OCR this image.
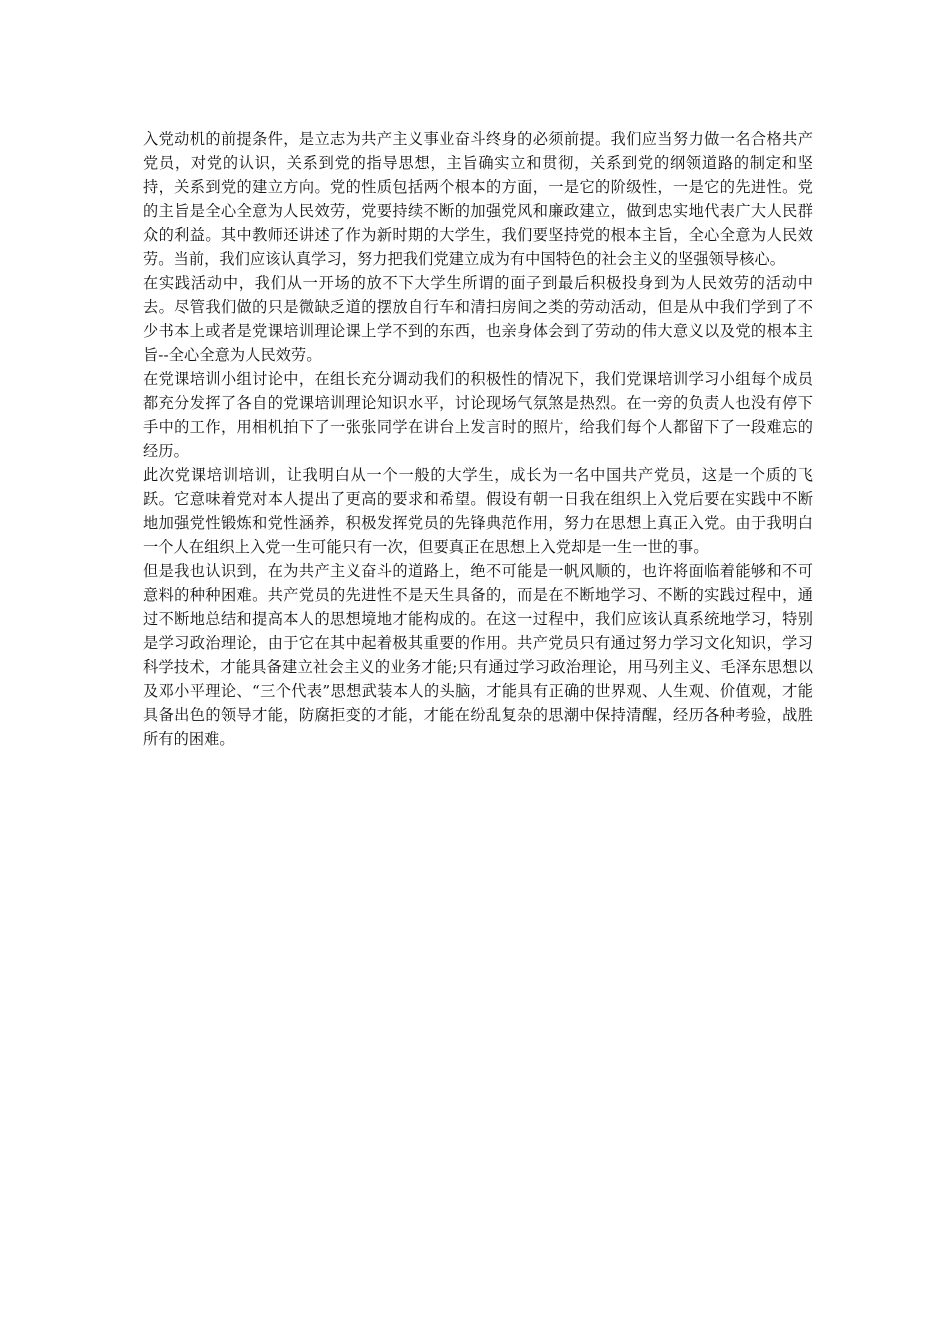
入党动机的前提条件，是立志为共产主义事业奋斗终身的必须前提。我们应当努力做一名合格共产党员，对党的认识，关系到党的指导思想，主旨确实立和贯彻，关系到党的纲领道路的制定和坚持，关系到党的建立方向。党的性质包括两个根本的方面，一是它的阶级性，一是它的先进性。党的主旨是全心全意为人民效劳，党要持续不断的加强党风和廉政建立，做到忠实地代表广大人民群众的利益。其中教师还讲述了作为新时期的大学生，我们要坚持党的根本主旨，全心全意为人民效劳。当前，我们应该认真学习，努力把我们党建立成为有中国特色的社会主义的坚强领导核心。

在实践活动中，我们从一开场的放不下大学生所谓的面子到最后积极投身到为人民效劳的活动中去。尽管我们做的只是微缺乏道的摆放自行车和清扫房间之类的劳动活动，但是从中我们学到了不少书本上或者是党课培训理论课上学不到的东西，也亲身体会到了劳动的伟大意义以及党的根本主旨--全心全意为人民效劳。

在党课培训小组讨论中，在组长充分调动我们的积极性的情况下，我们党课培训学习小组每个成员都充分发挥了各自的党课培训理论知识水平，讨论现场气氛煞是热烈。在一旁的负责人也没有停下手中的工作，用相机拍下了一张张同学在讲台上发言时的照片，给我们每个人都留下了一段难忘的经历。

此次党课培训培训，让我明白从一个一般的大学生，成长为一名中国共产党员，这是一个质的飞跃。它意味着党对本人提出了更高的要求和希望。假设有朝一日我在组织上入党后要在实践中不断地加强党性锻炼和党性涵养，积极发挥党员的先锋典范作用，努力在思想上真正入党。由于我明白一个人在组织上入党一生可能只有一次，但要真正在思想上入党却是一生一世的事。

但是我也认识到，在为共产主义奋斗的道路上，绝不可能是一帆风顺的，也许将面临着能够和不可意料的种种困难。共产党员的先进性不是天生具备的，而是在不断地学习、不断的实践过程中，通过不断地总结和提高本人的思想境地才能构成的。在这一过程中，我们应该认真系统地学习，特别是学习政治理论，由于它在其中起着极其重要的作用。共产党员只有通过努力学习文化知识，学习科学技术，才能具备建立社会主义的业务才能;只有通过学习政治理论，用马列主义、毛泽东思想以及邓小平理论、“三个代表”思想武装本人的头脑，才能具有正确的世界观、人生观、价值观，才能具备出色的领导才能，防腐拒变的才能，才能在纷乱复杂的思潮中保持清醒，经历各种考验，战胜所有的困难。
